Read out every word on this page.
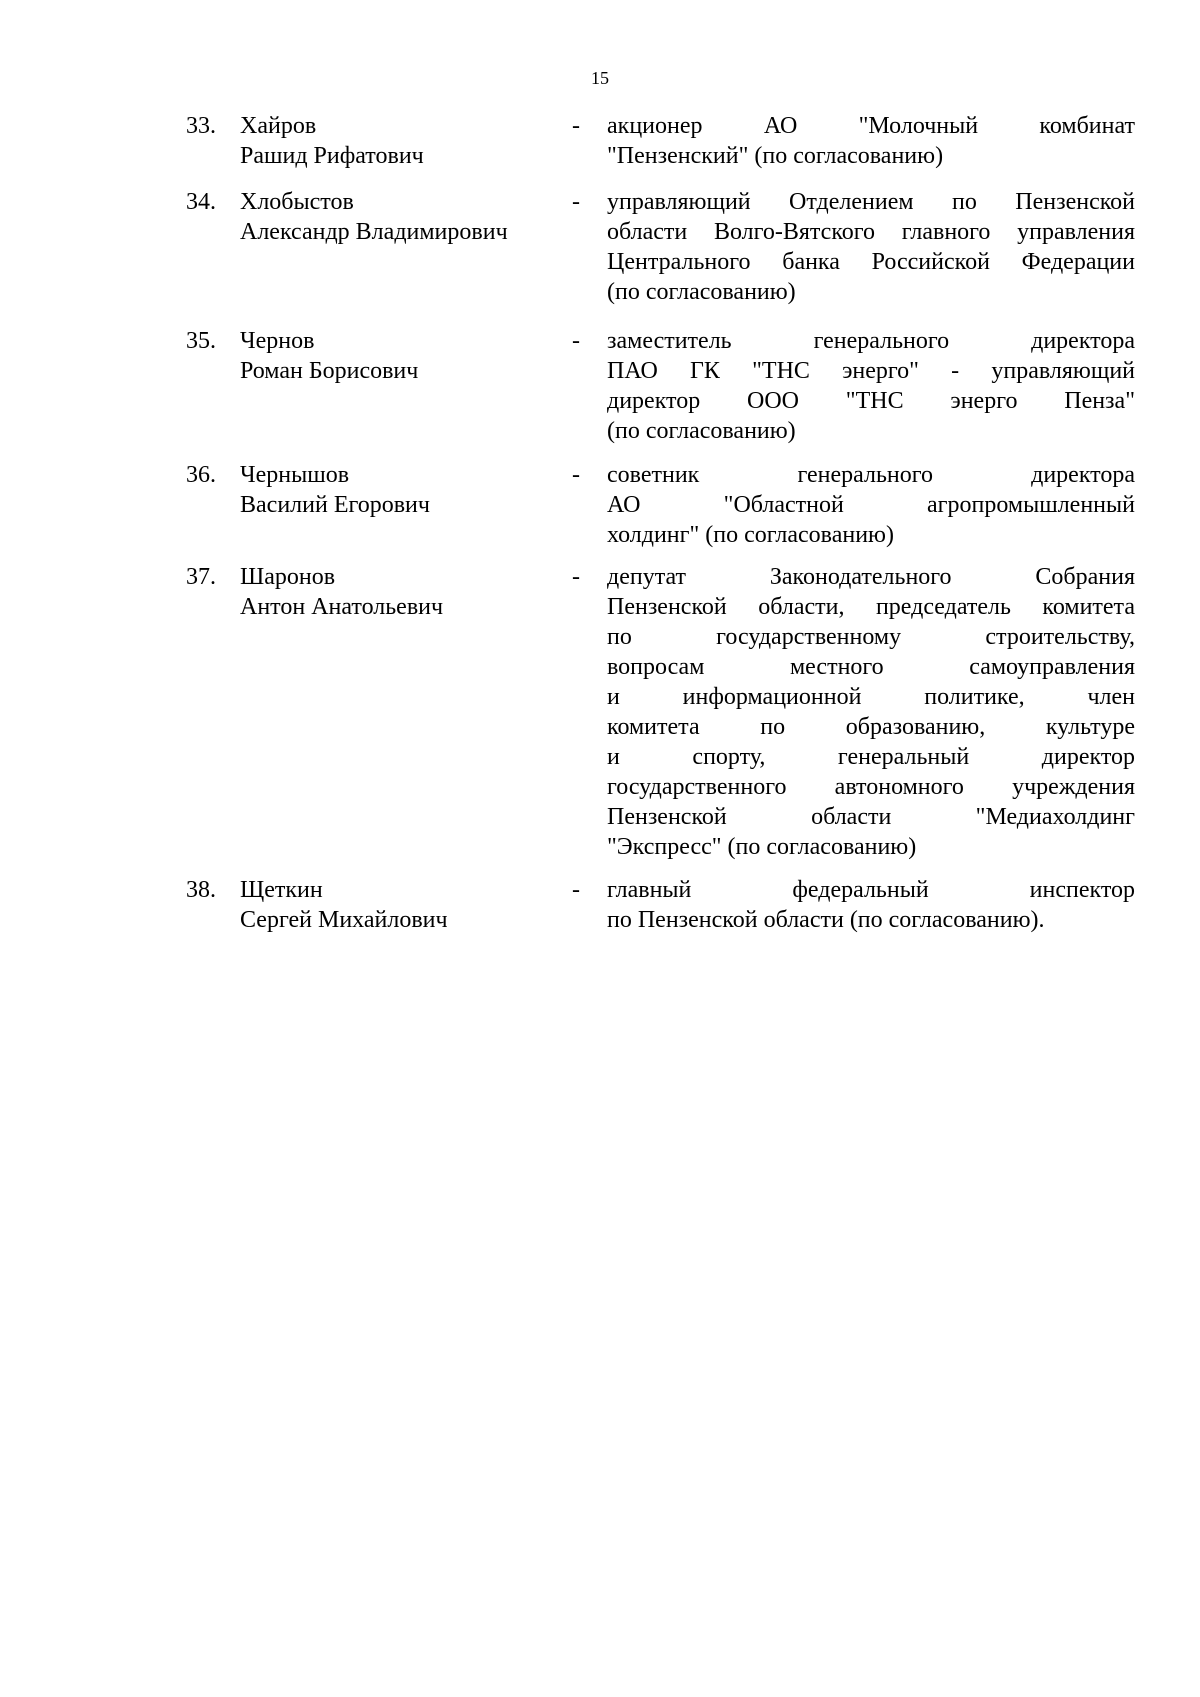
15
33.	Хайров
Рашид Рифатович
-	акционер АО "Молочный комбинат
"Пензенский" (по согласованию)
34.	Хлобыстов
Александр Владимирович
-	управляющий Отделением по Пензенской
области Волго-Вятского главного управления
Центрального банка Российской Федерации
(по согласованию)
35.	Чернов
Роман Борисович
-	заместитель генерального директора
ПАО ГК "ТНС энерго" - управляющий
директор ООО "ТНС энерго Пенза"
(по согласованию)
36.	Чернышов
Василий Егорович
-	советник генерального директора
АО "Областной агропромышленный
холдинг" (по согласованию)
37.	Шаронов
Антон Анатольевич
-	депутат Законодательного Собрания
Пензенской области, председатель комитета
по государственному строительству,
вопросам местного самоуправления
и информационной политике, член
комитета по образованию, культуре
и спорту, генеральный директор
государственного автономного учреждения
Пензенской области "Медиахолдинг
"Экспресс" (по согласованию)
38.	Щеткин
Сергей Михайлович
-	главный федеральный инспектор
по Пензенской области (по согласованию).
